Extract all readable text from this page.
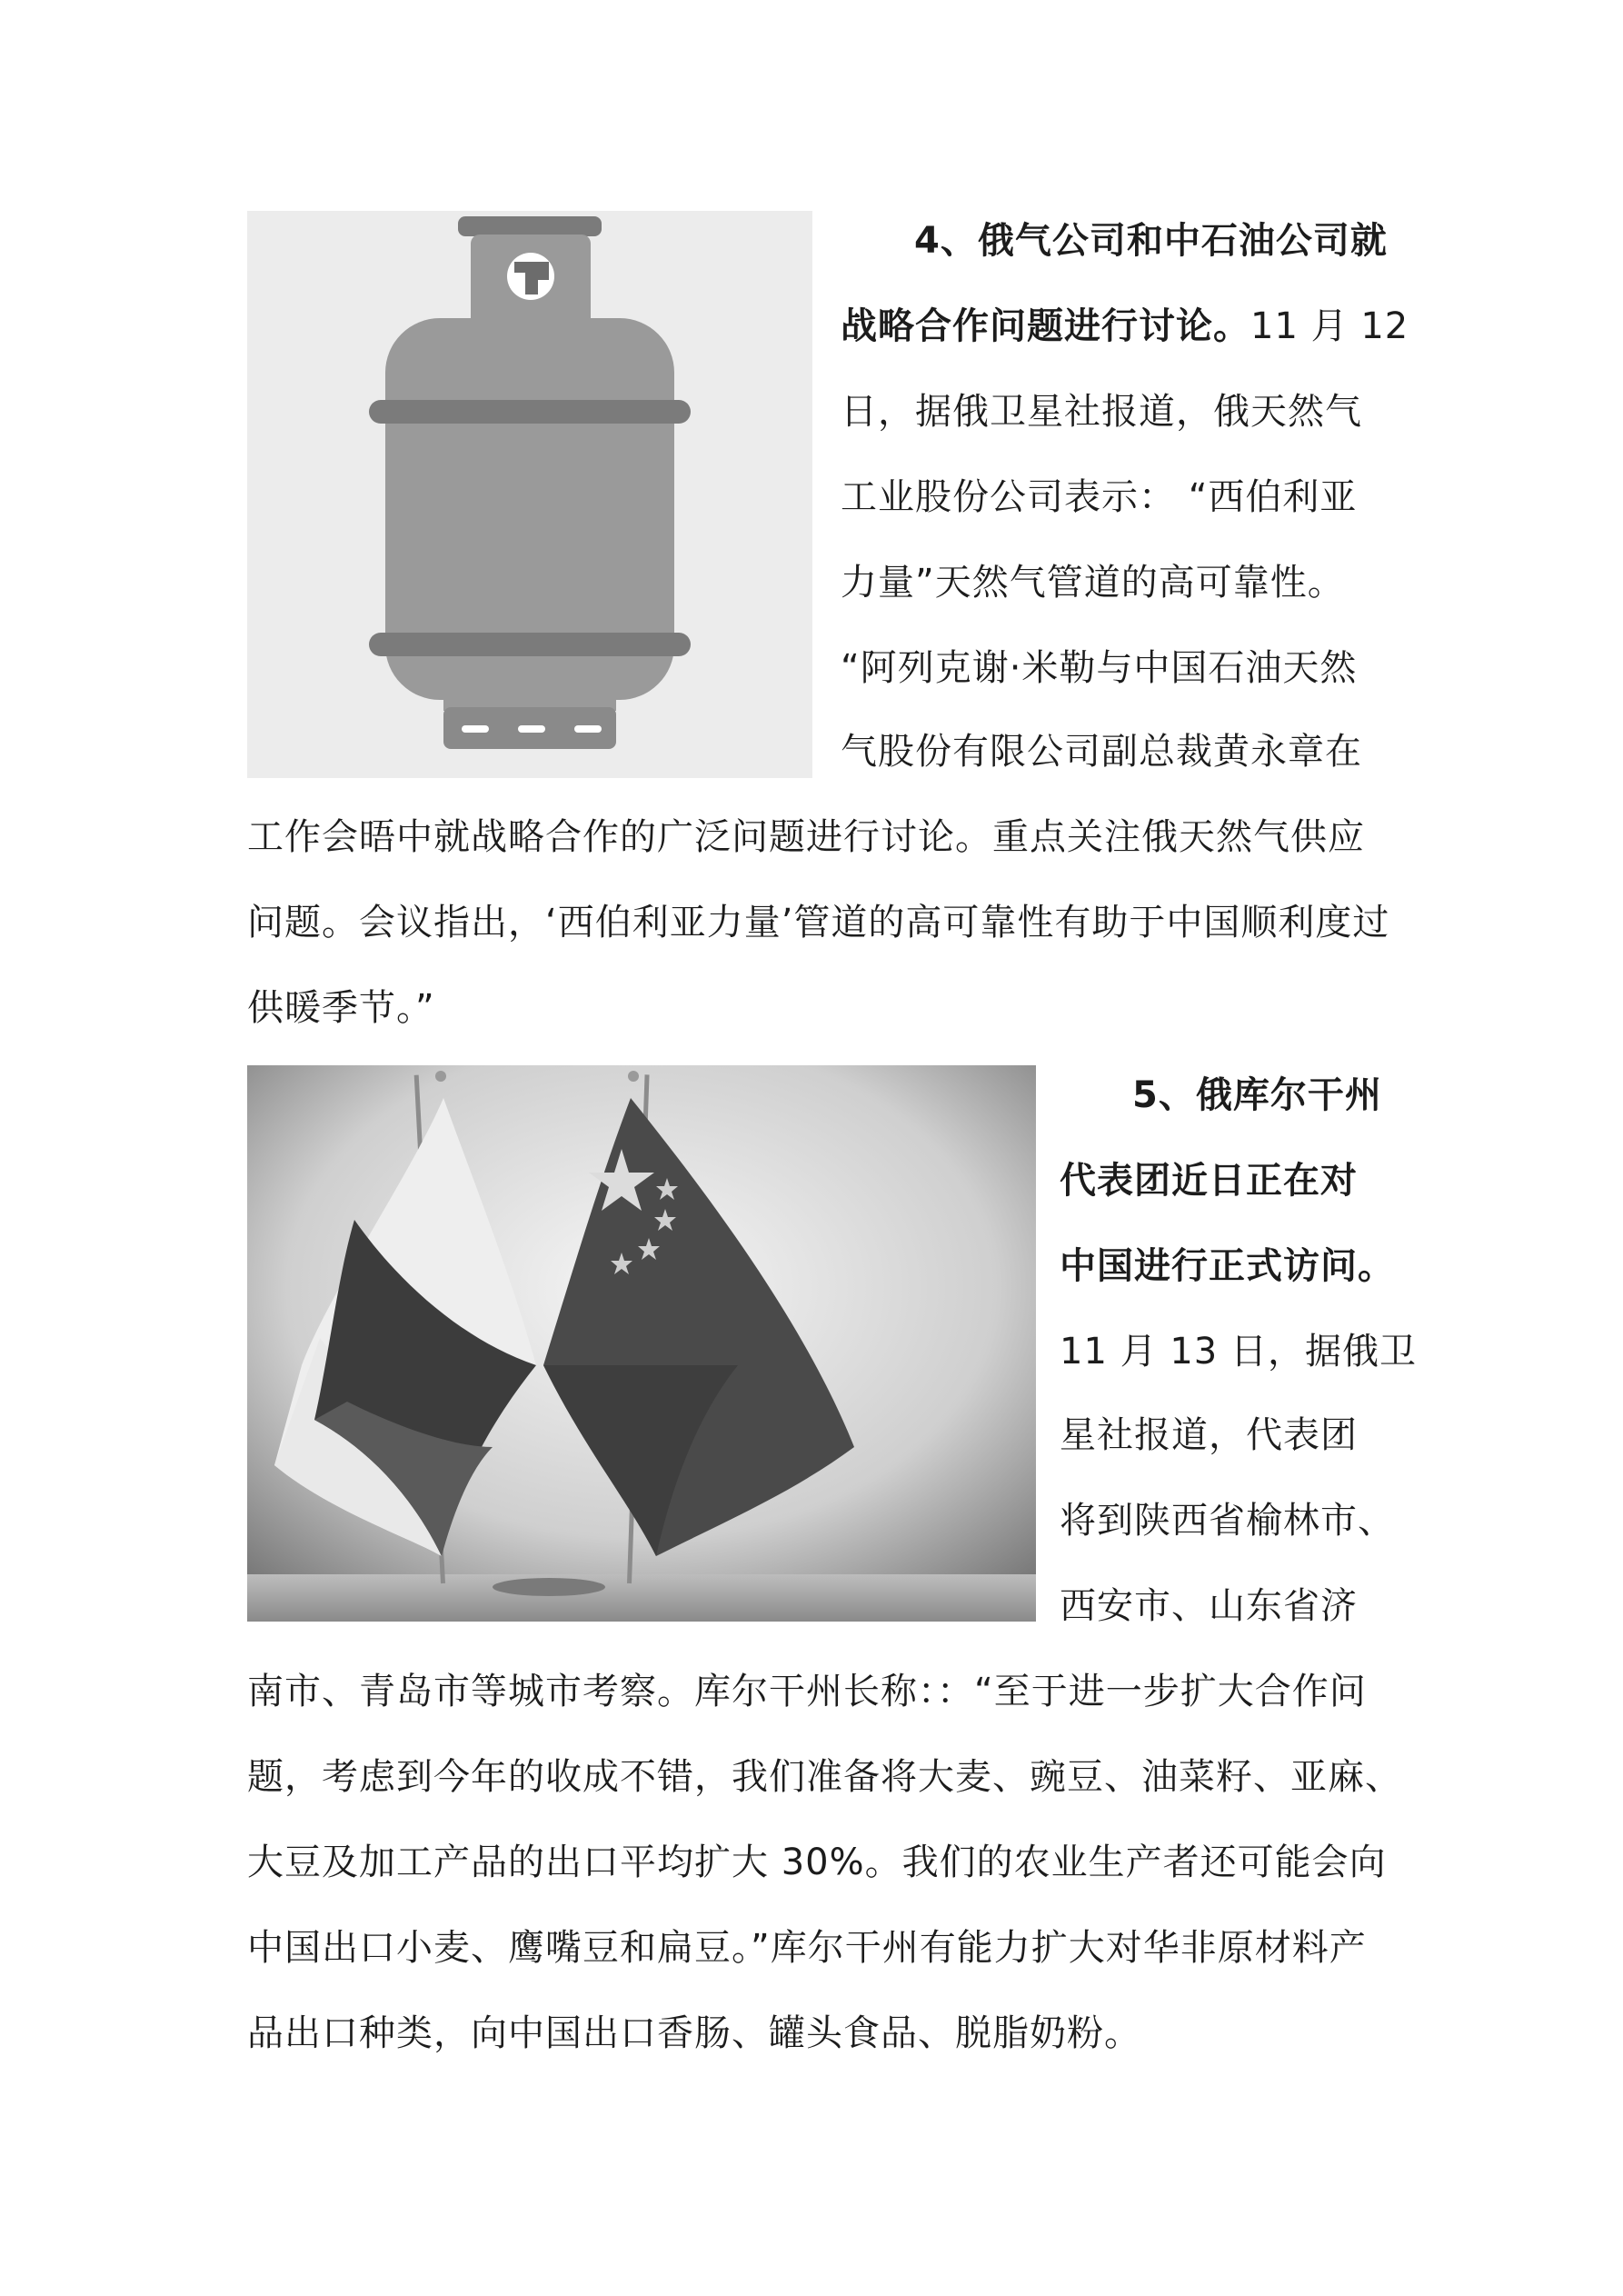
4、俄气公司和中石油公司就
战略合作问题进行讨论。11 月 12
日，据俄卫星社报道，俄天然气
工业股份公司表示： “西伯利亚
力量”天然气管道的高可靠性。
“阿列克谢·米勒与中国石油天然
气股份有限公司副总裁黄永章在
工作会晤中就战略合作的广泛问题进行讨论。重点关注俄天然气供应
问题。会议指出，‘西伯利亚力量’管道的高可靠性有助于中国顺利度过
供暖季节。”
5、俄库尔干州
代表团近日正在对
中国进行正式访问。
11 月 13 日，据俄卫
星社报道，代表团
将到陕西省榆林市、
西安市、山东省济
南市、青岛市等城市考察。库尔干州长称：：“至于进一步扩大合作问
题，考虑到今年的收成不错，我们准备将大麦、豌豆、油菜籽、亚麻、
大豆及加工产品的出口平均扩大 30%。我们的农业生产者还可能会向
中国出口小麦、鹰嘴豆和扁豆。”库尔干州有能力扩大对华非原材料产
品出口种类，向中国出口香肠、罐头食品、脱脂奶粉。
